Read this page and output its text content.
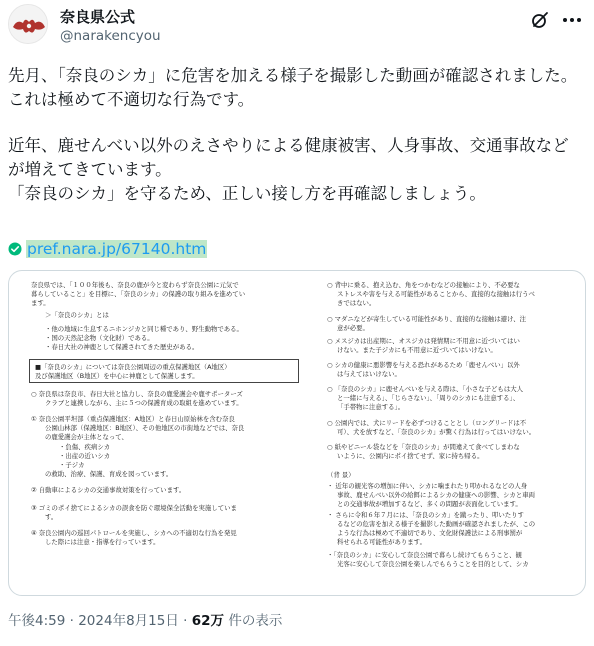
奈良県公式
@narakencyou

先月、「奈良のシカ」に危害を加える様子を撮影した動画が確認されました。

これは極めて不適切な行為です。

近年、鹿せんべい以外のえさやりによる健康被害、人身事故、交通事故などが増えてきています。

「奈良のシカ」を守るため、正しい接し方を再確認しましょう。

pref.nara.jp/67140.htm
奈良県では、「１００年後も、奈良の鹿が今と変わらず奈良公園に元気で
暮らしていること」を目標に、「奈良のシカ」の保護の取り組みを進めてい
ます。
＞「奈良のシカ」とは
・他の地域に生息するニホンジカと同じ種であり、野生動物である。
・国の天然記念物（文化財）である。
・春日大社の神鹿として保護されてきた歴史がある。
■「奈良のシカ」については奈良公園周辺の重点保護地区（A地区）
及び保護地区（B地区）を中心に神鹿として保護します。
○ 奈良県は奈良市、春日大社と協力し、奈良の鹿愛護会や鹿サポーターズ
クラブと連携しながら、主に５つの保護育成の取組を進めています。
① 奈良公園平坦部（重点保護地区：A地区）と春日山原始林を含む奈良
公園山林部（保護地区：B地区）、その他地区の市街地などでは、奈良
の鹿愛護会が主体となって、
・負傷、疾病シカ
・出産の近いシカ
・子ジカ
の救助、治療、保護、育成を図っています。
② 自動車によるシカの交通事故対策を行っています。
③ ゴミのポイ捨てによるシカの誤食を防ぐ環境保全活動を実施していま
す。
④ 奈良公園内の巡回パトロールを実施し、シカへの不適切な行為を発見
した際には注意・指導を行っています。
○ 背中に乗る、抱え込む、角をつかむなどの接触により、不必要な
ストレスや害を与える可能性があることから、直接的な接触は行うべ
きではない。
○ マダニなどが寄生している可能性があり、直接的な接触は避け、注
意が必要。
○ メスジカは出産期に、オスジカは発情期に不用意に近づいてはい
けない。また子ジカにも不用意に近づいてはいけない。
○ シカの健康に悪影響を与える恐れがあるため「鹿せんべい」以外
は与えてはいけない。
○ 「奈良のシカ」に鹿せんべいを与える際は、「小さな子どもは大人
と一緒に与える」、「じらさない」、「周りのシカにも注意する」、
「手帯物に注意する」。
○ 公園内では、犬にリードを必ずつけることとし（ロングリードは不
可）、犬を放すなど、「奈良のシカ」が驚く行為は行ってはいけない。
○ 紙やビニール袋などを「奈良のシカ」が間違えて食べてしまわな
いように、公園内にポイ捨てせず、家に持ち帰る。
（背 景）
・ 近年の観光客の増加に伴い、シカに噛まれたり叩かれるなどの人身
事故、鹿せんべい以外の給餌によるシカの健康への影響、シカと車両
との交通事故が増加するなど、多くの問題が表面化しています。
・ さらに令和６年７月には、「奈良のシカ」を蹴ったり、叩いたりす
るなどの危害を加える様子を撮影した動画が確認されましたが、この
ような行為は極めて不適切であり、文化財保護法による刑事罰が
科せられる可能性があります。
・「奈良のシカ」に安心して奈良公園で暮らし続けてもらうこと、観
光客に安心して奈良公園を楽しんでもらうことを目的として、シカ
午後4:59 · 2024年8月15日 · 62万 件の表示
